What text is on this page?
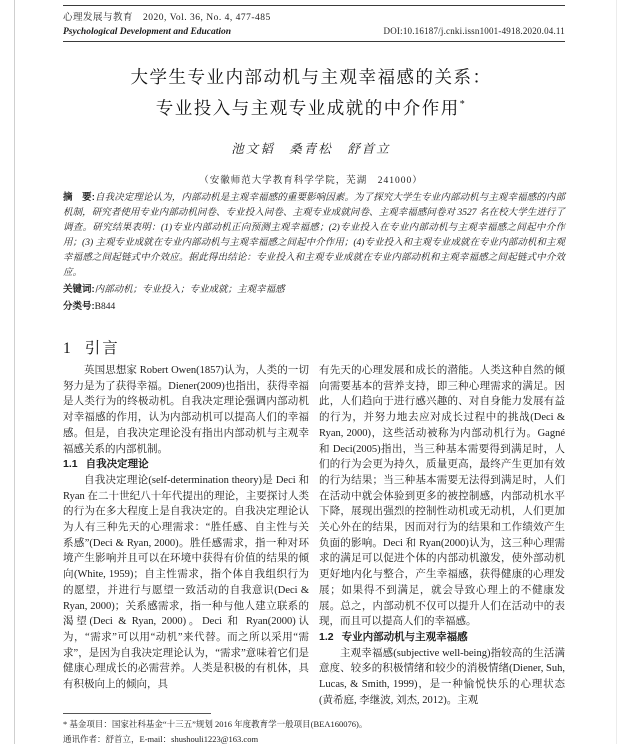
心理发展与教育　2020, Vol. 36, No. 4, 477-485
Psychological Development and Education	DOI:10.16187/j.cnki.issn1001-4918.2020.04.11
大学生专业内部动机与主观幸福感的关系：
专业投入与主观专业成就的中介作用*
池文韬　桑青松　舒首立
（安徽师范大学教育科学学院，芜湖　241000）
摘　要:自我决定理论认为，内部动机是主观幸福感的重要影响因素。为了探究大学生专业内部动机与主观幸福感的内部机制，研究者使用专业内部动机问卷、专业投入问卷、主观专业成就问卷、主观幸福感问卷对 3527 名在校大学生进行了调查。研究结果表明：(1)专业内部动机正向预测主观幸福感；(2)专业投入在专业内部动机与主观幸福感之间起中介作用；(3) 主观专业成就在专业内部动机与主观幸福感之间起中介作用；(4)专业投入和主观专业成就在专业内部动机和主观幸福感之间起链式中介效应。据此得出结论：专业投入和主观专业成就在专业内部动机和主观幸福感之间起链式中介效应。
关键词:内部动机；专业投入；专业成就；主观幸福感
分类号:B844
1 引言

英国思想家 Robert Owen(1857)认为，人类的一切努力是为了获得幸福。Diener(2009)也指出，获得幸福是人类行为的终极动机。自我决定理论强调内部动机对幸福感的作用，认为内部动机可以提高人们的幸福感。但是，自我决定理论没有指出内部动机与主观幸福感关系的内部机制。

1.1 自我决定理论

自我决定理论(self-determination theory)是 Deci 和 Ryan 在二十世纪八十年代提出的理论，主要探讨人类的行为在多大程度上是自我决定的。自我决定理论认为人有三种先天的心理需求：“胜任感、自主性与关系感”(Deci & Ryan, 2000)。胜任感需求，指一种对环境产生影响并且可以在环境中获得有价值的结果的倾向(White, 1959)；自主性需求，指个体自我组织行为的愿望，并进行与愿望一致活动的自我意识(Deci & Ryan, 2000)；关系感需求，指一种与他人建立联系的渴望(Deci & Ryan, 2000)。Deci 和 Ryan(2000)认为，“需求”可以用“动机”来代替。而之所以采用“需求”，是因为自我决定理论认为，“需求”意味着它们是健康心理成长的必需营养。人类是积极的有机体，具有积极向上的倾向，具

有先天的心理发展和成长的潜能。人类这种自然的倾向需要基本的营养支持，即三种心理需求的满足。因此，人们趋向于进行感兴趣的、对自身能力发展有益的行为，并努力地去应对成长过程中的挑战(Deci & Ryan, 2000)，这些活动被称为内部动机行为。Gagné 和 Deci(2005)指出，当三种基本需要得到满足时，人们的行为会更为持久，质量更高，最终产生更加有效的行为结果；当三种基本需要无法得到满足时，人们在活动中就会体验到更多的被控制感，内部动机水平下降，展现出强烈的控制性动机或无动机，人们更加关心外在的结果，因而对行为的结果和工作绩效产生负面的影响。Deci 和 Ryan(2000)认为，这三种心理需求的满足可以促进个体的内部动机激发，使外部动机更好地内化与整合，产生幸福感，获得健康的心理发展；如果得不到满足，就会导致心理上的不健康发展。总之，内部动机不仅可以提升人们在活动中的表现，而且可以提高人们的幸福感。

1.2 专业内部动机与主观幸福感

主观幸福感(subjective well-being)指较高的生活满意度、较多的积极情绪和较少的消极情绪(Diener, Suh, Lucas, & Smith, 1999)，是一种愉悦快乐的心理状态(黄希庭, 李继波, 刘杰, 2012)。主观

* 基金项目：国家社科基金“十三五”规划 2016 年度教育学一般项目(BEA160076)。
通讯作者：舒首立，E-mail：shushouli1223@163.com
